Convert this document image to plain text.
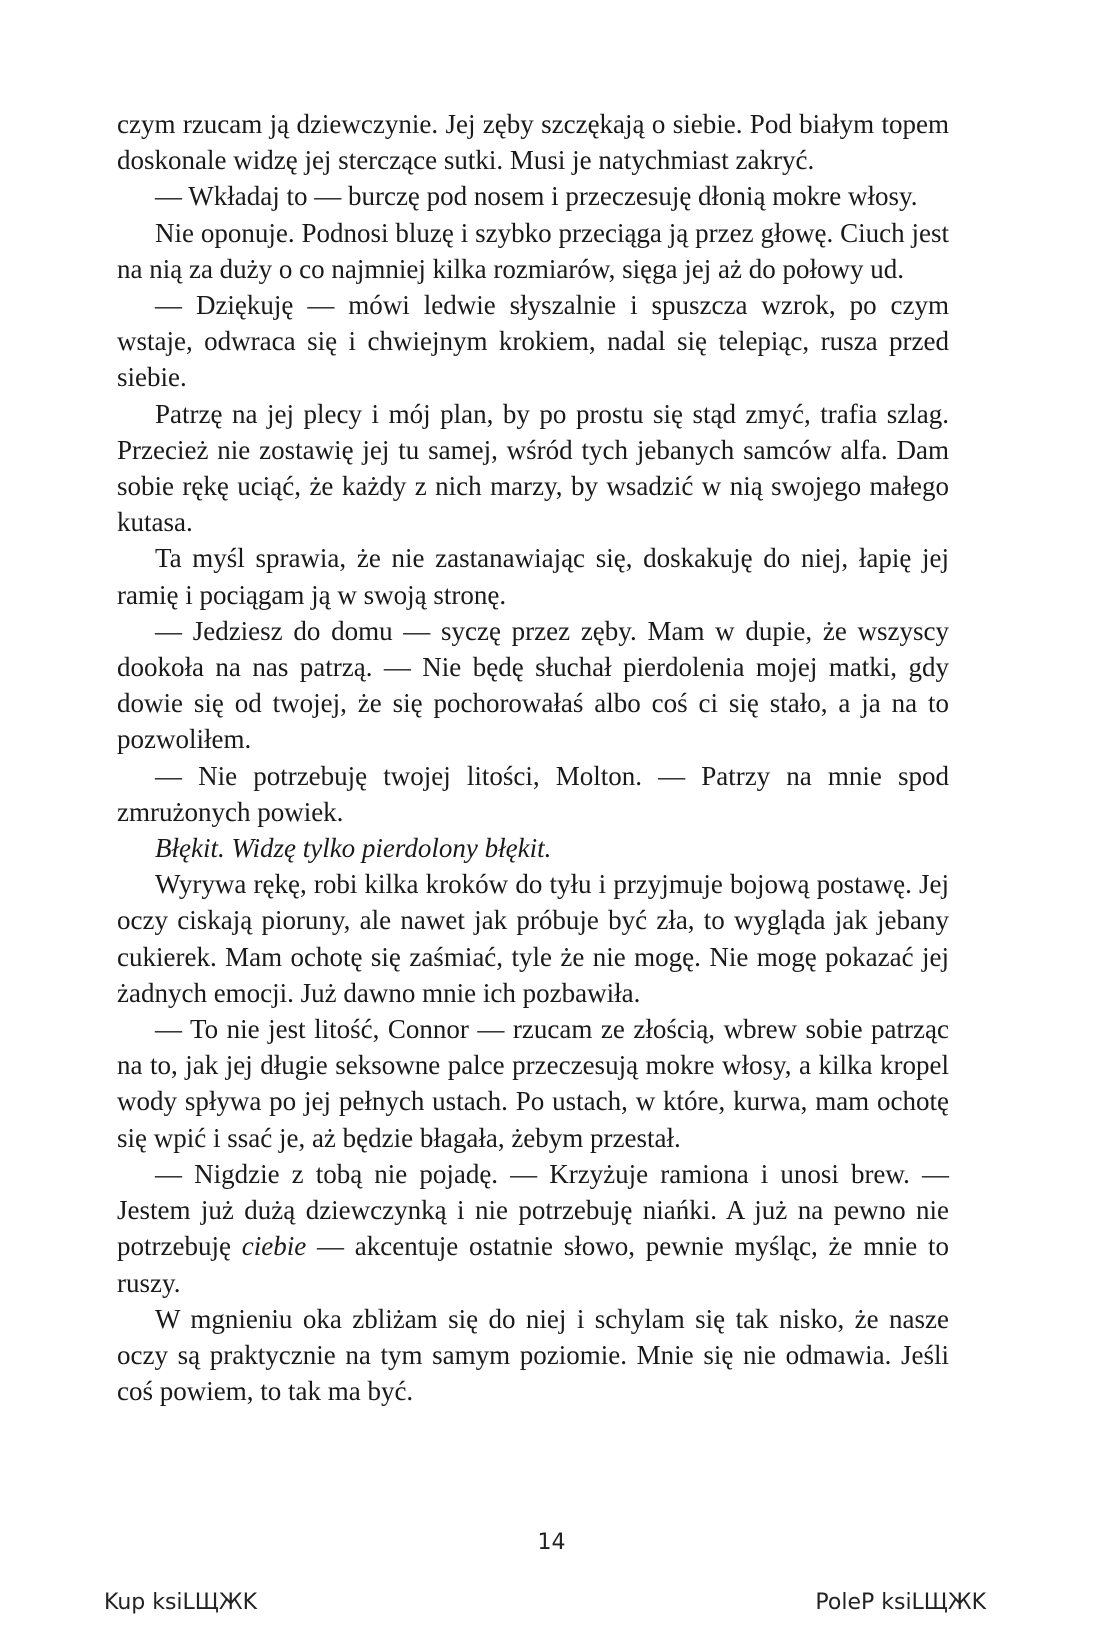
czym rzucam ją dziewczynie. Jej zęby szczękają o siebie. Pod białym topem doskonale widzę jej sterczące sutki. Musi je natychmiast zakryć.

— Wkładaj to — burczę pod nosem i przeczesuję dłonią mokre włosy.

Nie oponuje. Podnosi bluzę i szybko przeciąga ją przez głowę. Ciuch jest na nią za duży o co najmniej kilka rozmiarów, sięga jej aż do połowy ud.

— Dziękuję — mówi ledwie słyszalnie i spuszcza wzrok, po czym wstaje, odwraca się i chwiejnym krokiem, nadal się telepiąc, rusza przed siebie.

Patrzę na jej plecy i mój plan, by po prostu się stąd zmyć, trafia szlag. Przecież nie zostawię jej tu samej, wśród tych jebanych samców alfa. Dam sobie rękę uciąć, że każdy z nich marzy, by wsadzić w nią swojego małego kutasa.

Ta myśl sprawia, że nie zastanawiając się, doskakuję do niej, łapię jej ramię i pociągam ją w swoją stronę.

— Jedziesz do domu — syczę przez zęby. Mam w dupie, że wszyscy dookoła na nas patrzą. — Nie będę słuchał pierdolenia mojej matki, gdy dowie się od twojej, że się pochorowałaś albo coś ci się stało, a ja na to pozwoliłem.

— Nie potrzebuję twojej litości, Molton. — Patrzy na mnie spod zmrużonych powiek.

Błękit. Widzę tylko pierdolony błękit.

Wyrywa rękę, robi kilka kroków do tyłu i przyjmuje bojową postawę. Jej oczy ciskają pioruny, ale nawet jak próbuje być zła, to wygląda jak jebany cukierek. Mam ochotę się zaśmiać, tyle że nie mogę. Nie mogę pokazać jej żadnych emocji. Już dawno mnie ich pozbawiła.

— To nie jest litość, Connor — rzucam ze złością, wbrew sobie patrząc na to, jak jej długie seksowne palce przeczesują mokre włosy, a kilka kropel wody spływa po jej pełnych ustach. Po ustach, w które, kurwa, mam ochotę się wpić i ssać je, aż będzie błagała, żebym przestał.

— Nigdzie z tobą nie pojadę. — Krzyżuje ramiona i unosi brew. — Jestem już dużą dziewczynką i nie potrzebuję niańki. A już na pewno nie potrzebuję ciebie — akcentuje ostatnie słowo, pewnie myśląc, że mnie to ruszy.

W mgnieniu oka zbliżam się do niej i schylam się tak nisko, że nasze oczy są praktycznie na tym samym poziomie. Mnie się nie odmawia. Jeśli coś powiem, to tak ma być.

14
Kup ksiLЩЖK	PoleP ksiLЩЖK
